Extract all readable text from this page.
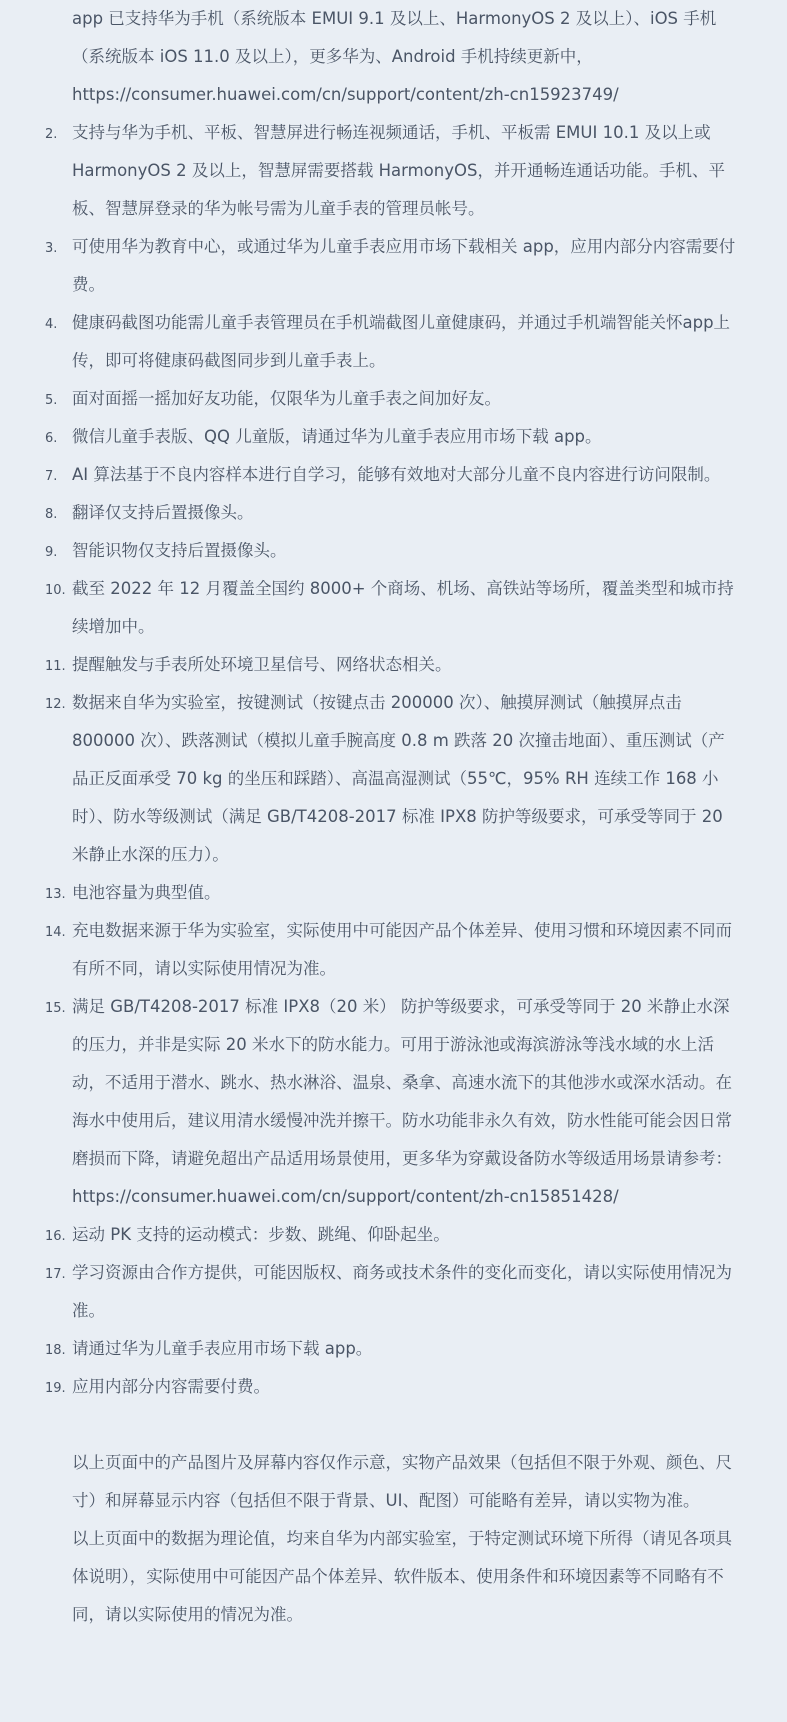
app 已支持华为手机（系统版本 EMUI 9.1 及以上、HarmonyOS 2 及以上）、iOS 手机（系统版本 iOS 11.0 及以上），更多华为、Android 手机持续更新中，https://consumer.huawei.com/cn/support/content/zh-cn15923749/

2. 支持与华为手机、平板、智慧屏进行畅连视频通话，手机、平板需 EMUI 10.1 及以上或 HarmonyOS 2 及以上，智慧屏需要搭载 HarmonyOS，并开通畅连通话功能。手机、平板、智慧屏登录的华为帐号需为儿童手表的管理员帐号。
3. 可使用华为教育中心，或通过华为儿童手表应用市场下载相关 app，应用内部分内容需要付费。
4. 健康码截图功能需儿童手表管理员在手机端截图儿童健康码，并通过手机端智能关怀app上传，即可将健康码截图同步到儿童手表上。
5. 面对面摇一摇加好友功能，仅限华为儿童手表之间加好友。
6. 微信儿童手表版、QQ 儿童版，请通过华为儿童手表应用市场下载 app。
7. AI 算法基于不良内容样本进行自学习，能够有效地对大部分儿童不良内容进行访问限制。
8. 翻译仅支持后置摄像头。
9. 智能识物仅支持后置摄像头。
10. 截至 2022 年 12 月覆盖全国约 8000+ 个商场、机场、高铁站等场所，覆盖类型和城市持续增加中。
11. 提醒触发与手表所处环境卫星信号、网络状态相关。
12. 数据来自华为实验室，按键测试（按键点击 200000 次）、触摸屏测试（触摸屏点击 800000 次）、跌落测试（模拟儿童手腕高度 0.8 m 跌落 20 次撞击地面）、重压测试（产品正反面承受 70 kg 的坐压和踩踏）、高温高湿测试（55℃，95% RH 连续工作 168 小时）、防水等级测试（满足 GB/T4208-2017 标准 IPX8 防护等级要求，可承受等同于 20 米静止水深的压力）。
13. 电池容量为典型值。
14. 充电数据来源于华为实验室，实际使用中可能因产品个体差异、使用习惯和环境因素不同而有所不同，请以实际使用情况为准。
15. 满足 GB/T4208-2017 标准 IPX8（20 米） 防护等级要求，可承受等同于 20 米静止水深的压力，并非是实际 20 米水下的防水能力。可用于游泳池或海滨游泳等浅水域的水上活动，不适用于潜水、跳水、热水淋浴、温泉、桑拿、高速水流下的其他涉水或深水活动。在海水中使用后，建议用清水缓慢冲洗并擦干。防水功能非永久有效，防水性能可能会因日常磨损而下降，请避免超出产品适用场景使用，更多华为穿戴设备防水等级适用场景请参考：https://consumer.huawei.com/cn/support/content/zh-cn15851428/
16. 运动 PK 支持的运动模式：步数、跳绳、仰卧起坐。
17. 学习资源由合作方提供，可能因版权、商务或技术条件的变化而变化，请以实际使用情况为准。
18. 请通过华为儿童手表应用市场下载 app。
19. 应用内部分内容需要付费。

以上页面中的产品图片及屏幕内容仅作示意，实物产品效果（包括但不限于外观、颜色、尺寸）和屏幕显示内容（包括但不限于背景、UI、配图）可能略有差异，请以实物为准。

以上页面中的数据为理论值，均来自华为内部实验室，于特定测试环境下所得（请见各项具体说明），实际使用中可能因产品个体差异、软件版本、使用条件和环境因素等不同略有不同，请以实际使用的情况为准。
